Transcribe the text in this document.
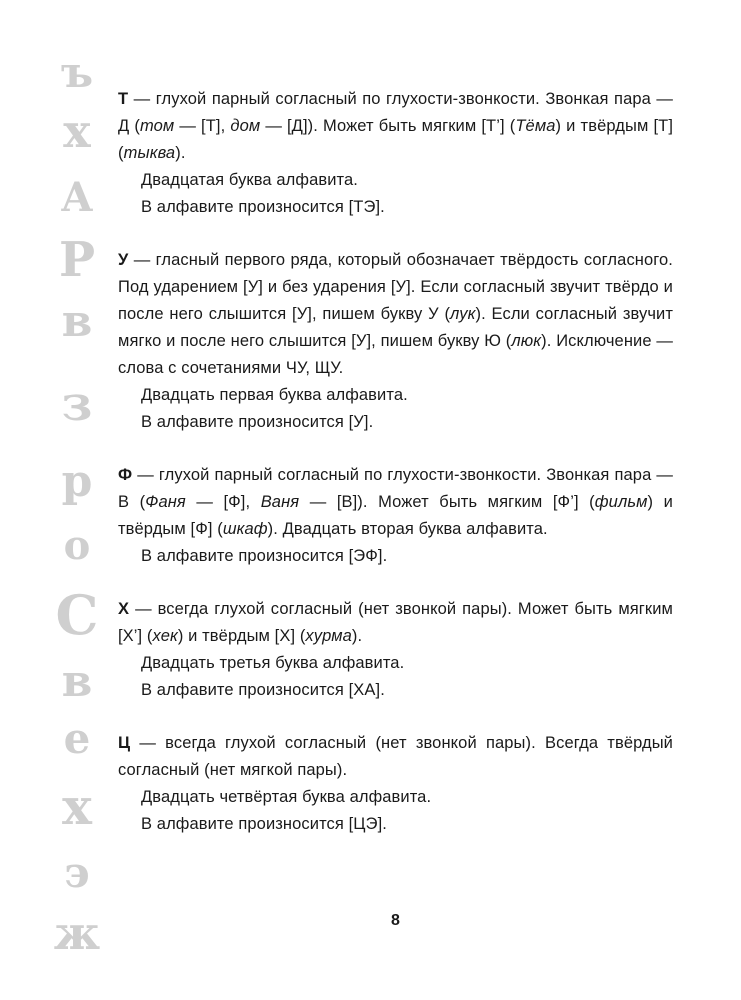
ъ
х
А
Р
в
з
р
о
С
в
е
х
э
ж

Т — глухой парный согласный по глухости-звонкости. Звонкая пара — Д (том — [Т], дом — [Д]). Может быть мягким [Т’] (Тёма) и твёрдым [Т] (тыква).

Двадцатая буква алфавита.

В алфавите произносится [ТЭ].

У — гласный первого ряда, который обозначает твёрдость согласного. Под ударением [У] и без ударения [У]. Если согласный звучит твёрдо и после него слышится [У], пишем букву У (лук). Если согласный звучит мягко и после него слышится [У], пишем букву Ю (люк). Исключение — слова с сочетаниями ЧУ, ЩУ.

Двадцать первая буква алфавита.

В алфавите произносится [У].

Ф — глухой парный согласный по глухости-звонкости. Звонкая пара — В (Фаня — [Ф], Ваня — [В]). Может быть мягким [Ф’] (фильм) и твёрдым [Ф] (шкаф). Двадцать вторая буква алфавита.

В алфавите произносится [ЭФ].

Х — всегда глухой согласный (нет звонкой пары). Может быть мягким [Х’] (хек) и твёрдым [Х] (хурма).

Двадцать третья буква алфавита.

В алфавите произносится [ХА].

Ц — всегда глухой согласный (нет звонкой пары). Всегда твёрдый согласный (нет мягкой пары).

Двадцать четвёртая буква алфавита.

В алфавите произносится [ЦЭ].

8
